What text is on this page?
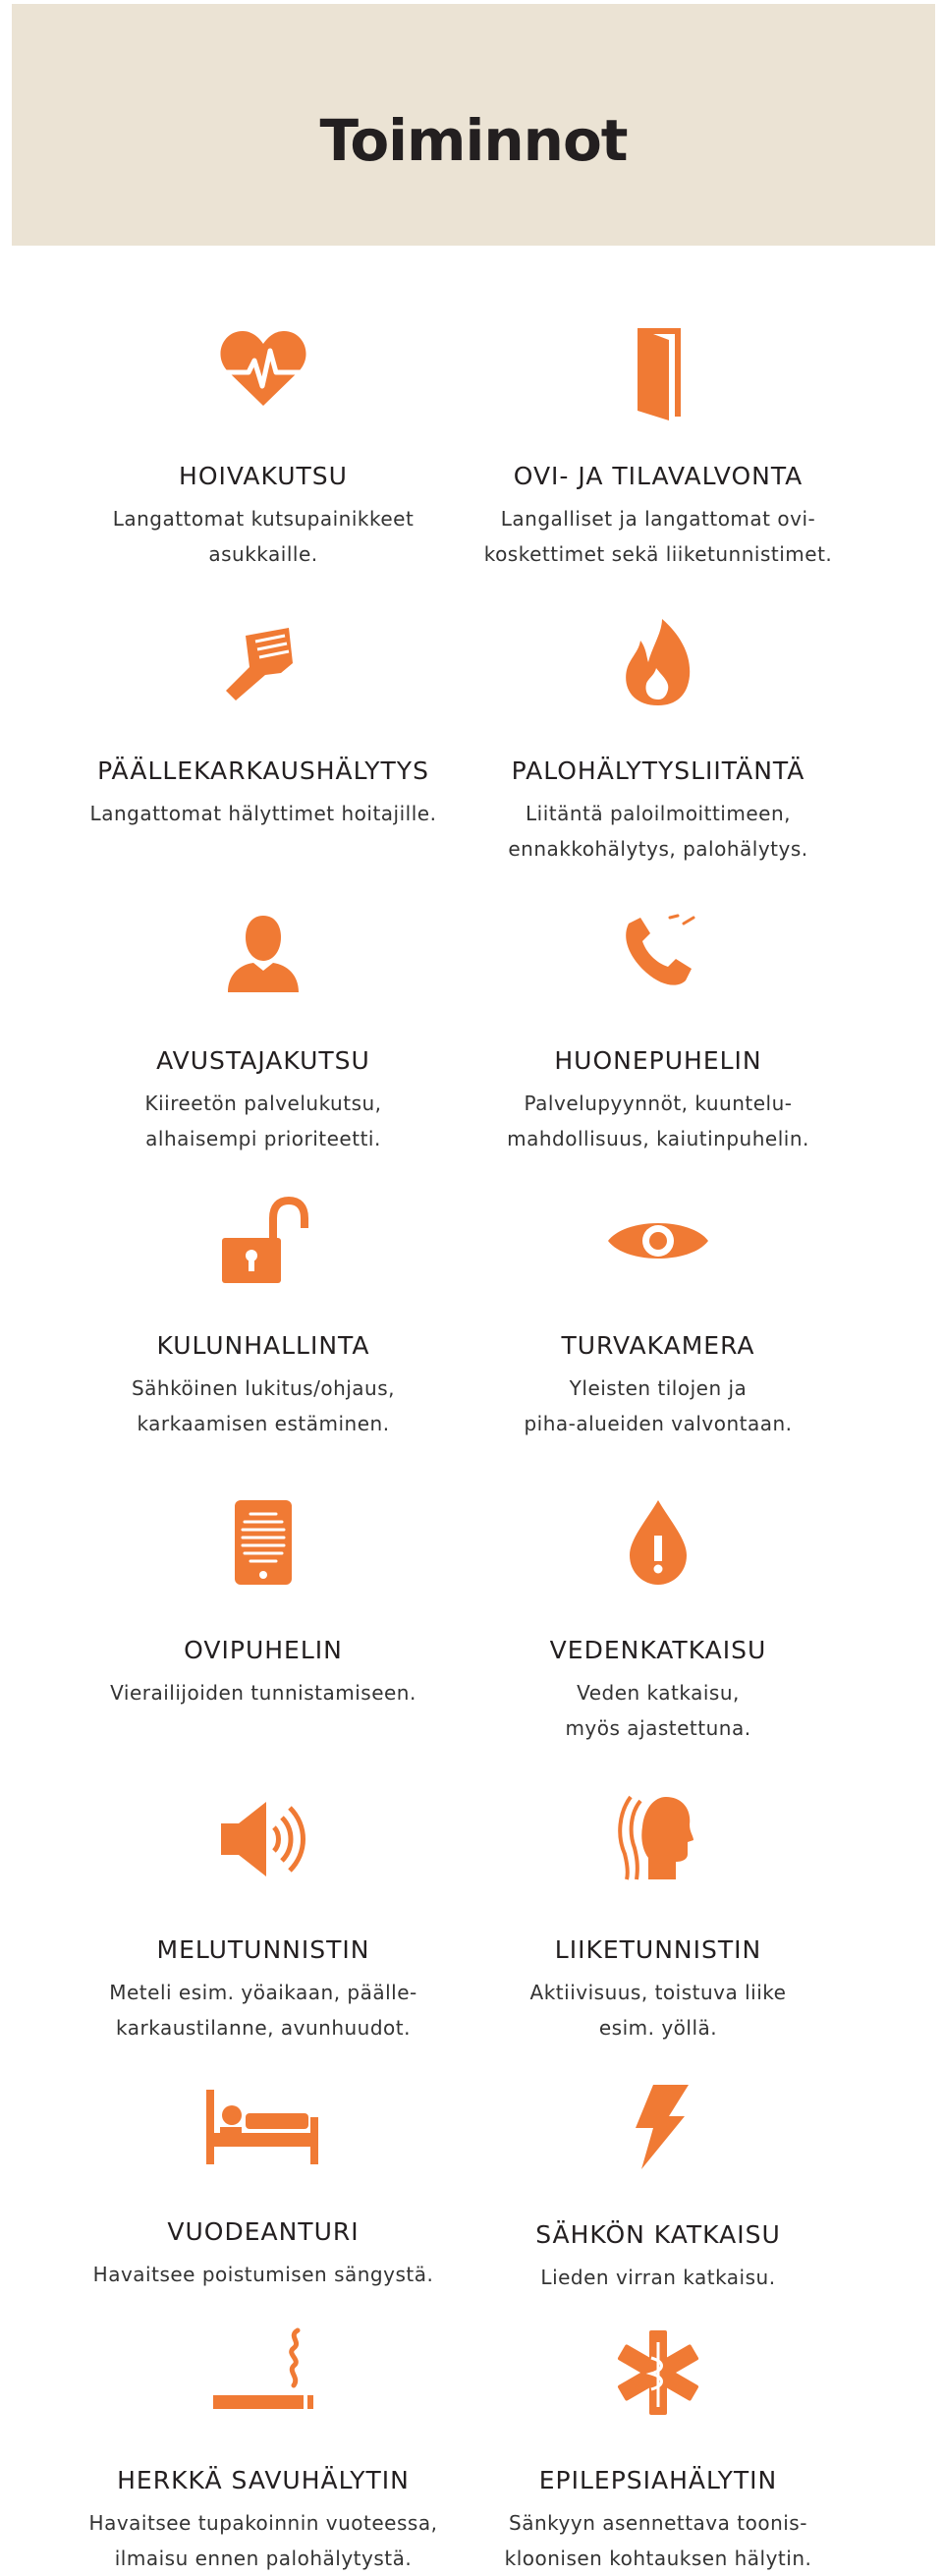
Toiminnot
HOIVAKUTSU
Langattomat kutsupainikkeet
asukkaille.
OVI- JA TILAVALVONTA
Langalliset ja langattomat ovi-
koskettimet sekä liiketunnistimet.
PÄÄLLEKARKAUSHÄLYTYS
Langattomat hälyttimet hoitajille.
PALOHÄLYTYSLIITÄNTÄ
Liitäntä paloilmoittimeen,
ennakkohälytys, palohälytys.
AVUSTAJAKUTSU
Kiireetön palvelukutsu,
alhaisempi prioriteetti.
HUONEPUHELIN
Palvelupyynnöt, kuuntelu-
mahdollisuus, kaiutinpuhelin.
KULUNHALLINTA
Sähköinen lukitus/ohjaus,
karkaamisen estäminen.
TURVAKAMERA
Yleisten tilojen ja
piha-alueiden valvontaan.
OVIPUHELIN
Vierailijoiden tunnistamiseen.
VEDENKATKAISU
Veden katkaisu,
myös ajastettuna.
MELUTUNNISTIN
Meteli esim. yöaikaan, päälle-
karkaustilanne, avunhuudot.
LIIKETUNNISTIN
Aktiivisuus, toistuva liike
esim. yöllä.
VUODEANTURI
Havaitsee poistumisen sängystä.
SÄHKÖN KATKAISU
Lieden virran katkaisu.
HERKKÄ SAVUHÄLYTIN
Havaitsee tupakoinnin vuoteessa,
ilmaisu ennen palohälytystä.
EPILEPSIAHÄLYTIN
Sänkyyn asennettava toonis-
kloonisen kohtauksen hälytin.
